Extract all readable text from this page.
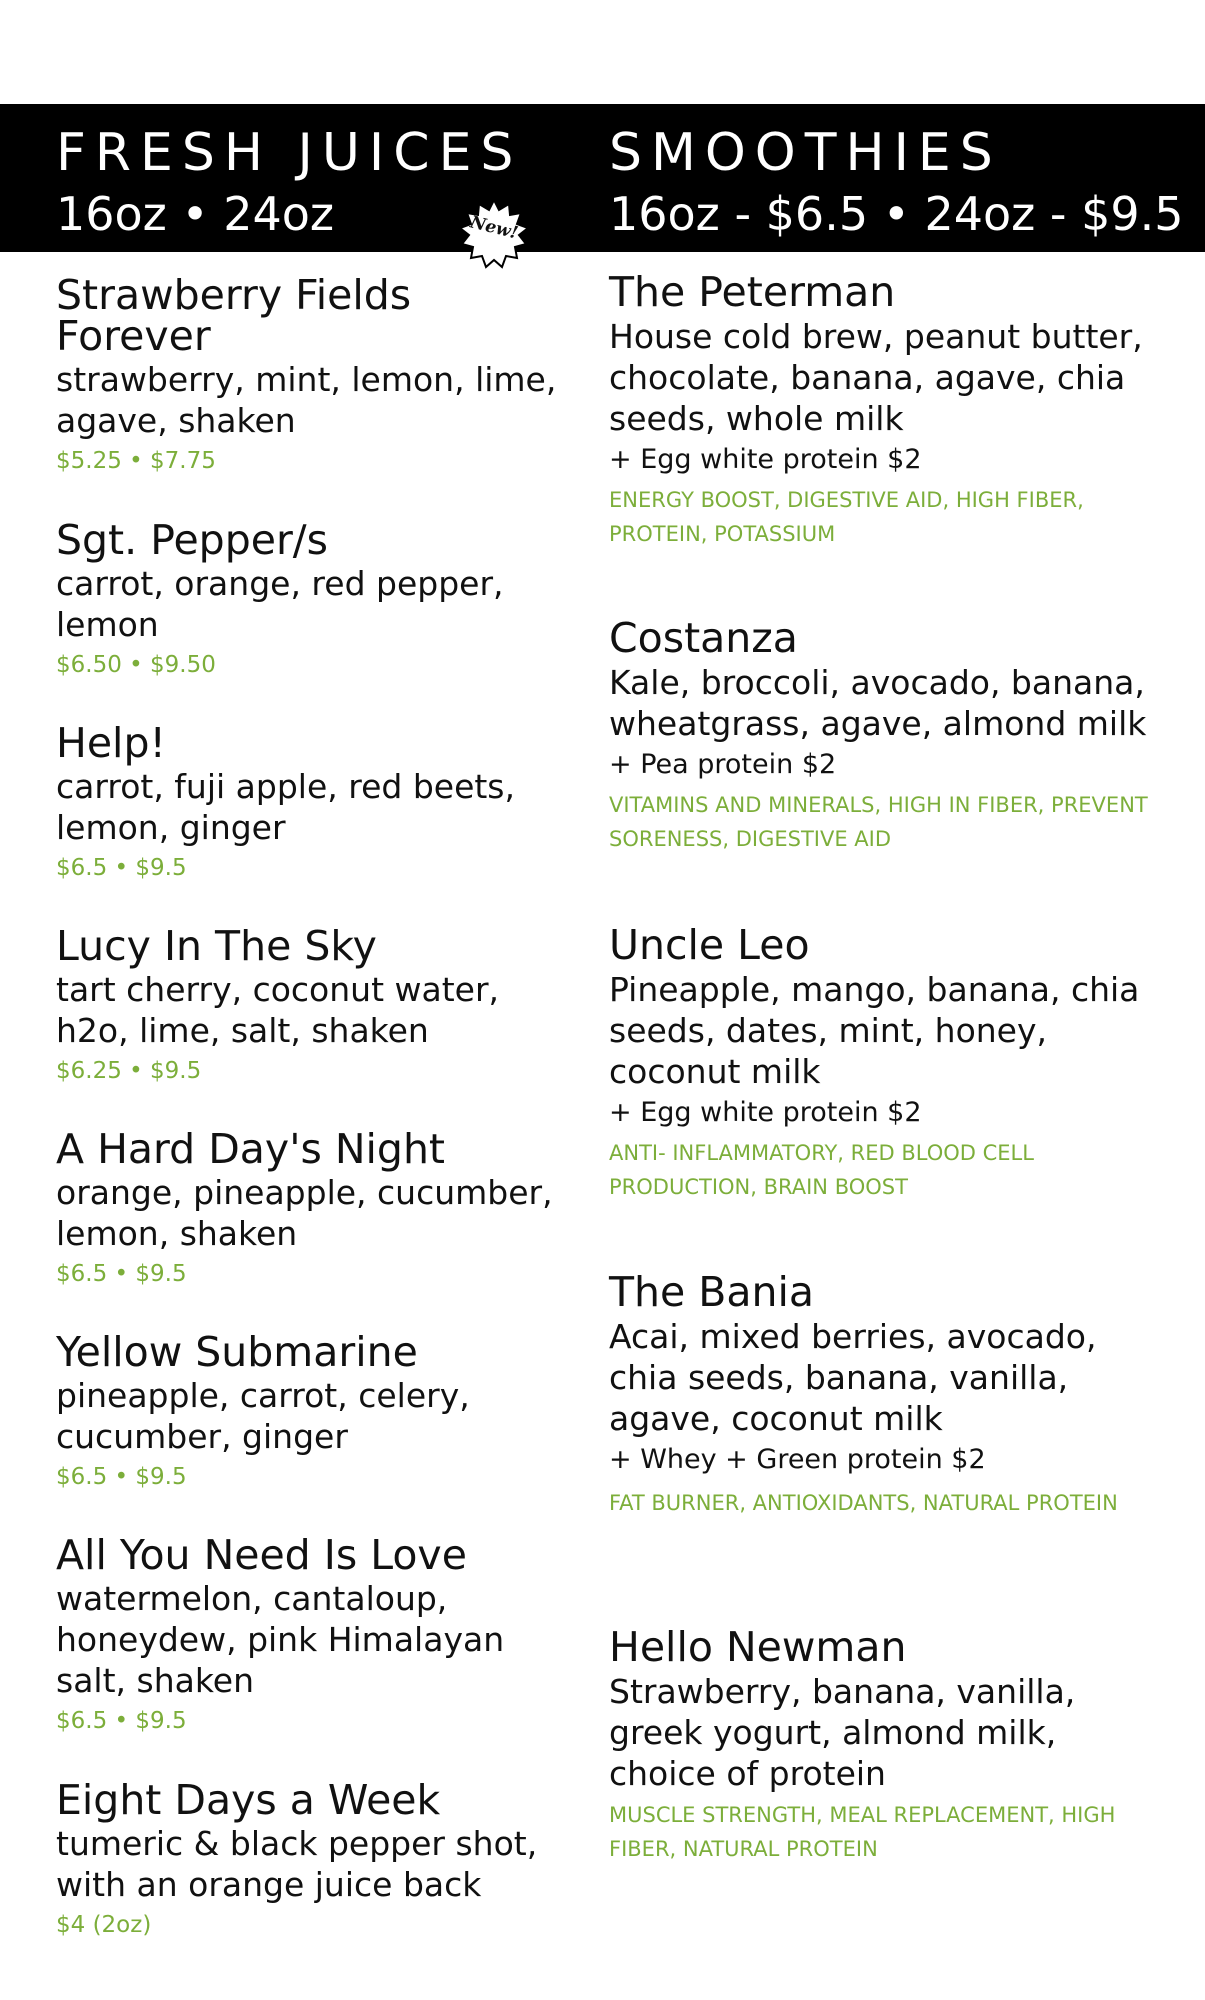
FRESH JUICES
16oz • 24oz
SMOOTHIES
16oz - $6.5 • 24oz - $9.5
New!
Strawberry Fields Forever
strawberry, mint, lemon, lime, agave, shaken
$5.25 • $7.75
Sgt. Pepper/s
carrot, orange, red pepper, lemon
$6.50 • $9.50
Help!
carrot, fuji apple, red beets, lemon, ginger
$6.5 • $9.5
Lucy In The Sky
tart cherry, coconut water, h2o, lime, salt, shaken
$6.25 • $9.5
A Hard Day's Night
orange, pineapple, cucumber, lemon, shaken
$6.5 • $9.5
Yellow Submarine
pineapple, carrot, celery, cucumber, ginger
$6.5 • $9.5
All You Need Is Love
watermelon, cantaloup, honeydew, pink Himalayan salt, shaken
$6.5 • $9.5
Eight Days a Week
tumeric & black pepper shot, with an orange juice back
$4 (2oz)
The Peterman
House cold brew, peanut butter, chocolate, banana, agave, chia seeds, whole milk
+ Egg white protein $2
ENERGY BOOST, DIGESTIVE AID, HIGH FIBER, PROTEIN, POTASSIUM
Costanza
Kale, broccoli, avocado, banana, wheatgrass, agave, almond milk
+ Pea protein $2
VITAMINS AND MINERALS, HIGH IN FIBER, PREVENT SORENESS, DIGESTIVE AID
Uncle Leo
Pineapple, mango, banana, chia seeds, dates, mint, honey, coconut milk
+ Egg white protein $2
ANTI- INFLAMMATORY, RED BLOOD CELL PRODUCTION, BRAIN BOOST
The Bania
Acai, mixed berries, avocado, chia seeds, banana, vanilla, agave, coconut milk
+ Whey + Green protein $2
FAT BURNER, ANTIOXIDANTS, NATURAL PROTEIN
Hello Newman
Strawberry, banana, vanilla, greek yogurt, almond milk, choice of protein
MUSCLE STRENGTH, MEAL REPLACEMENT, HIGH FIBER, NATURAL PROTEIN
